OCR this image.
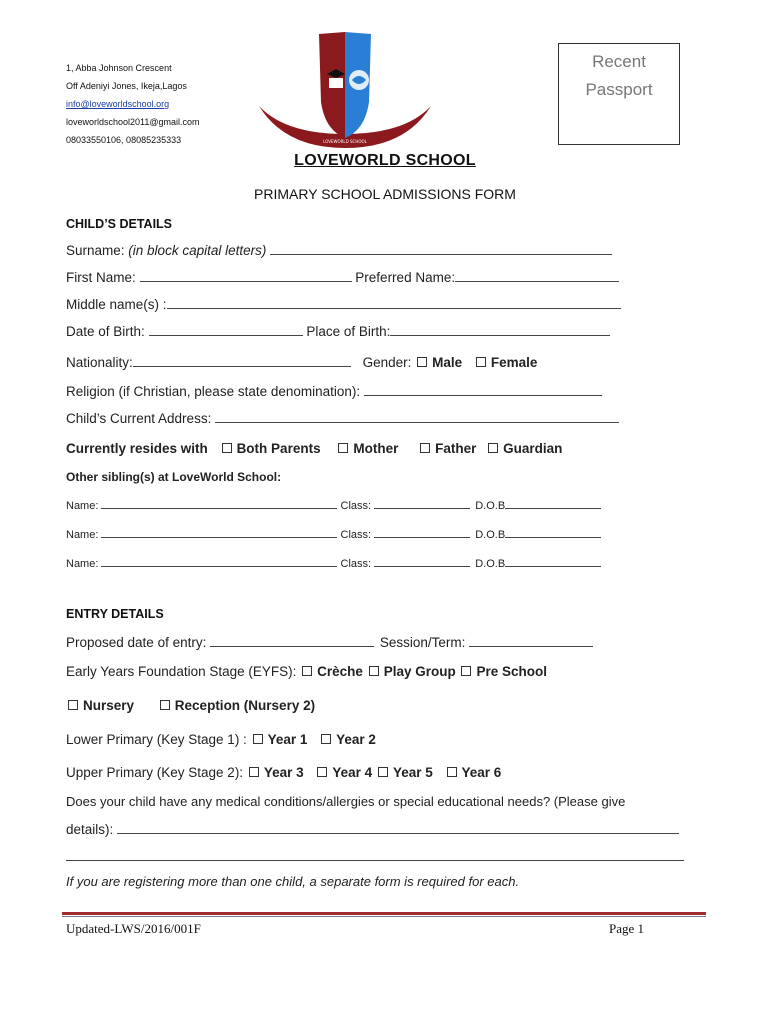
1, Abba Johnson Crescent
Off Adeniyi Jones, Ikeja,Lagos
info@loveworldschool.org
loveworldschool2011@gmail.com
08033550106, 08085235333	LOVEWORLD SCHOOL
Recent
Passport
LOVEWORLD SCHOOL
PRIMARY SCHOOL ADMISSIONS FORM
CHILD’S DETAILS
Surname: (in block capital letters)
First Name:	Preferred Name:
Middle name(s) :
Date of Birth:	Place of Birth:
Nationality:	Gender: Male Female
Religion (if Christian, please state denomination):
Child’s Current Address:
Currently resides with Both Parents Mother	Father Guardian
Other sibling(s) at LoveWorld School:
Name:	Class:	D.O.B
Name:	Class:	D.O.B
Name:	Class:	D.O.B
ENTRY DETAILS
Proposed date of entry:	Session/Term:
Early Years Foundation Stage (EYFS): Crèche Play Group Pre School
Nursery	Reception (Nursery 2)
Lower Primary (Key Stage 1) : Year 1 Year 2
Upper Primary (Key Stage 2): Year 3 Year 4 Year 5 Year 6
Does your child have any medical conditions/allergies or special educational needs? (Please give
details):
If you are registering more than one child, a separate form is required for each.
Updated-LWS/2016/001F	Page 1
